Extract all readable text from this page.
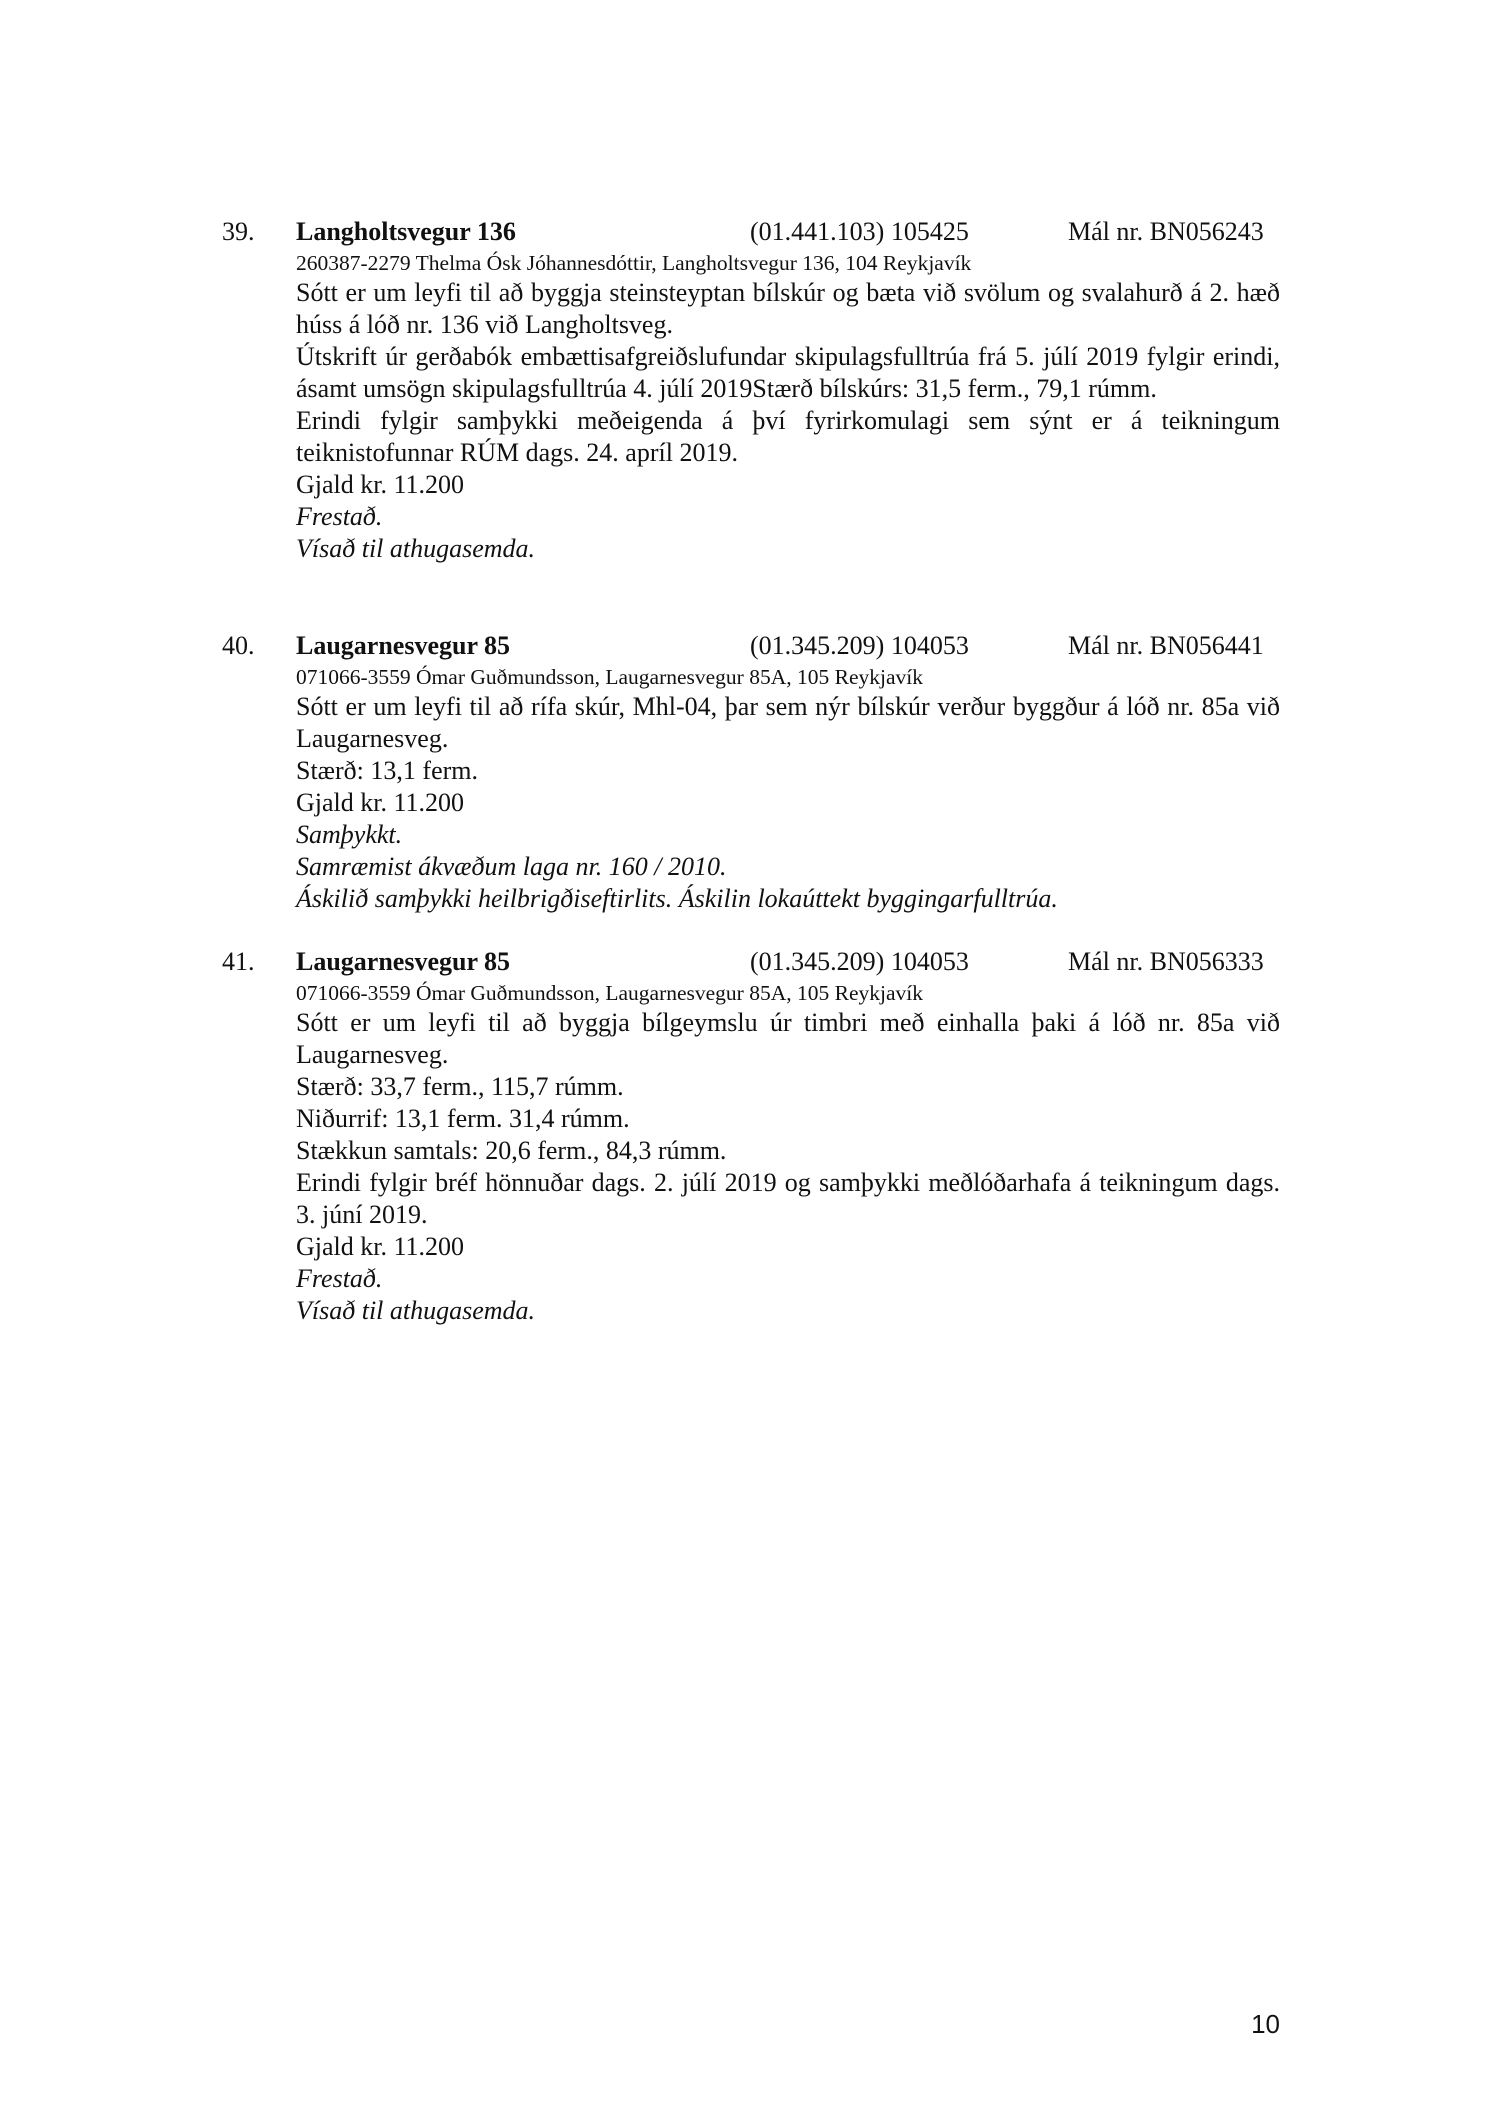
39. Langholtsvegur 136	(01.441.103) 105425	Mál nr. BN056243

260387-2279 Thelma Ósk Jóhannesdóttir, Langholtsvegur 136, 104 Reykjavík

Sótt er um leyfi til að byggja steinsteyptan bílskúr og bæta við svölum og svalahurð á 2. hæð húss á lóð nr. 136 við Langholtsveg.

Útskrift úr gerðabók embættisafgreiðslufundar skipulagsfulltrúa frá 5. júlí 2019 fylgir erindi, ásamt umsögn skipulagsfulltrúa 4. júlí 2019Stærð bílskúrs: 31,5 ferm., 79,1 rúmm.

Erindi fylgir samþykki meðeigenda á því fyrirkomulagi sem sýnt er á teikningum teiknistofunnar RÚM dags. 24. apríl 2019.

Gjald kr. 11.200

Frestað.

Vísað til athugasemda.

40. Laugarnesvegur 85	(01.345.209) 104053	Mál nr. BN056441

071066-3559 Ómar Guðmundsson, Laugarnesvegur 85A, 105 Reykjavík

Sótt er um leyfi til að rífa skúr, Mhl-04, þar sem nýr bílskúr verður byggður á lóð nr. 85a við Laugarnesveg.

Stærð: 13,1 ferm.

Gjald kr. 11.200

Samþykkt.

Samræmist ákvæðum laga nr. 160 / 2010.

Áskilið samþykki heilbrigðiseftirlits. Áskilin lokaúttekt byggingarfulltrúa.

41. Laugarnesvegur 85	(01.345.209) 104053	Mál nr. BN056333

071066-3559 Ómar Guðmundsson, Laugarnesvegur 85A, 105 Reykjavík

Sótt er um leyfi til að byggja bílgeymslu úr timbri með einhalla þaki á lóð nr. 85a við Laugarnesveg.

Stærð: 33,7 ferm., 115,7 rúmm.

Niðurrif: 13,1 ferm. 31,4 rúmm.

Stækkun samtals: 20,6 ferm., 84,3 rúmm.

Erindi fylgir bréf hönnuðar dags. 2. júlí 2019 og samþykki meðlóðarhafa á teikningum dags. 3. júní 2019.

Gjald kr. 11.200

Frestað.

Vísað til athugasemda.

10
